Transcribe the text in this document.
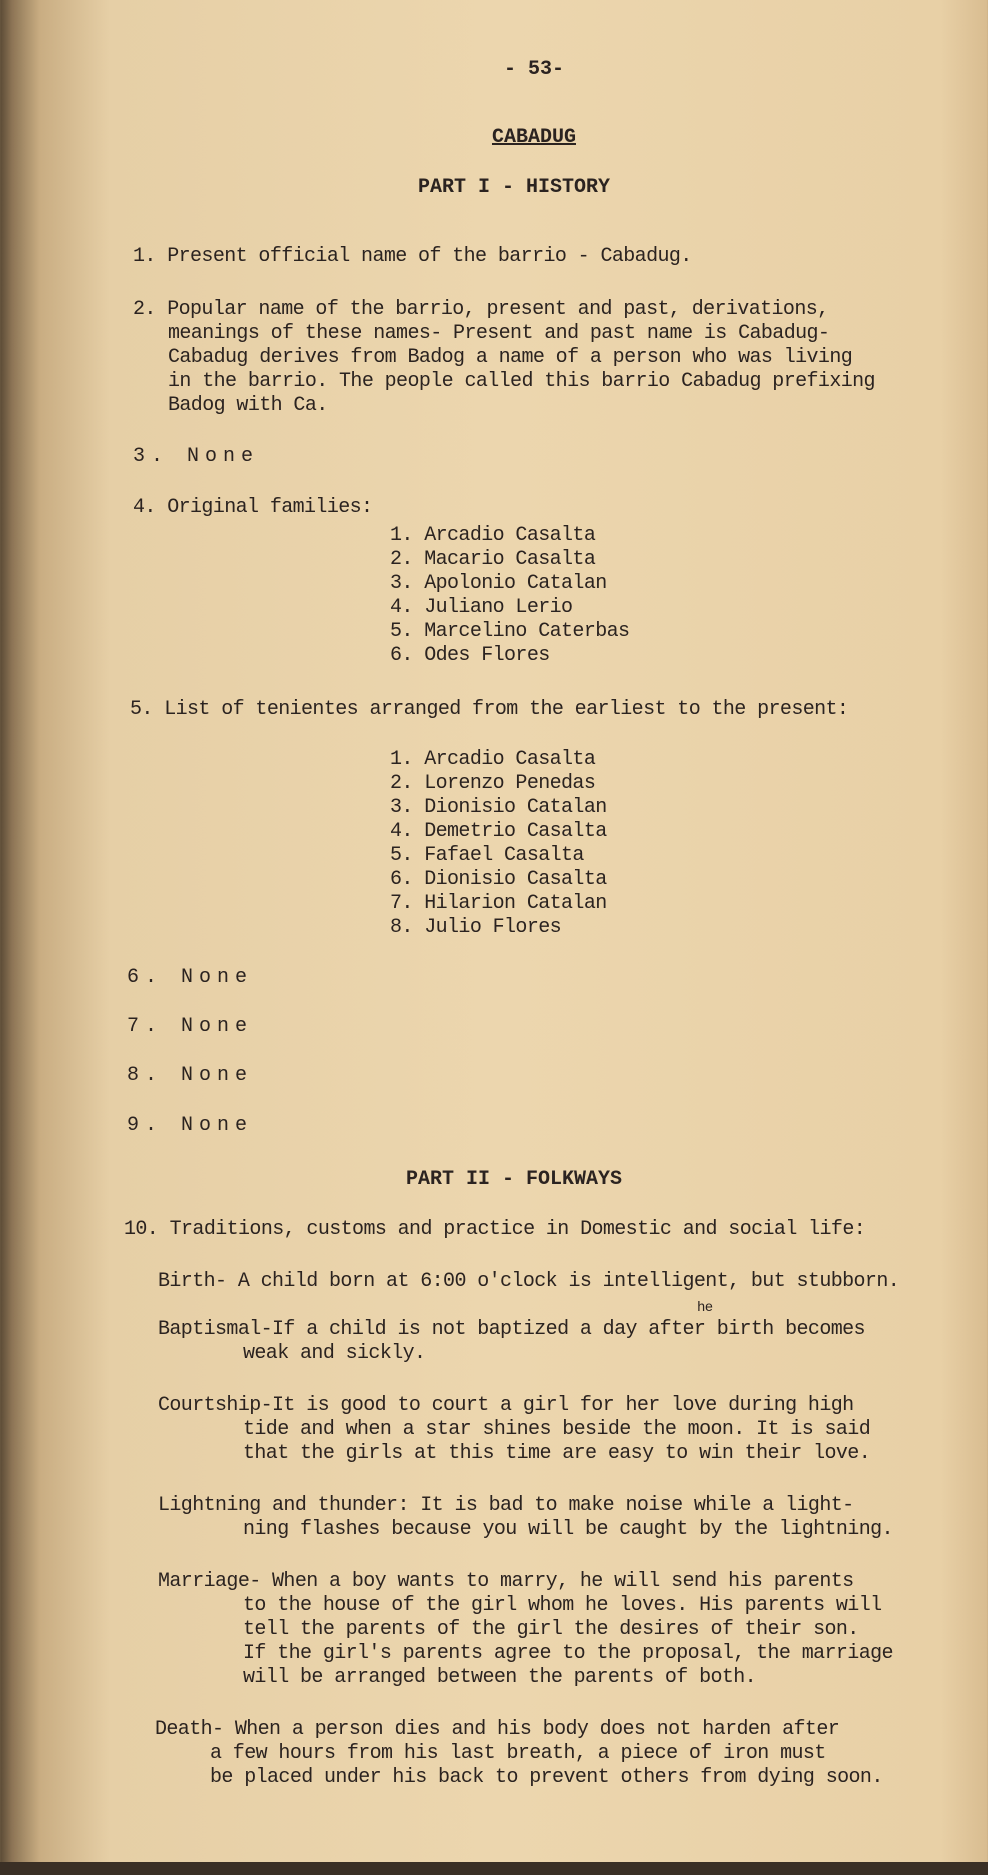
- 53-
CABADUG
PART I - HISTORY
1. Present official name of the barrio - Cabadug.
2. Popular name of the barrio, present and past, derivations,
meanings of these names- Present and past name is Cabadug-
Cabadug derives from Badog a name of a person who was living
in the barrio. The people called this barrio Cabadug prefixing
Badog with Ca.
3. None
4. Original families:
1. Arcadio Casalta
2. Macario Casalta
3. Apolonio Catalan
4. Juliano Lerio
5. Marcelino Caterbas
6. Odes Flores
5. List of tenientes arranged from the earliest to the present:
1. Arcadio Casalta
2. Lorenzo Penedas
3. Dionisio Catalan
4. Demetrio Casalta
5. Fafael Casalta
6. Dionisio Casalta
7. Hilarion Catalan
8. Julio Flores
6. None
7. None
8. None
9. None
PART II - FOLKWAYS
10. Traditions, customs and practice in Domestic and social life:
Birth- A child born at 6:00 o'clock is intelligent, but stubborn.
he
Baptismal-If a child is not baptized a day after birth becomes
weak and sickly.
Courtship-It is good to court a girl for her love during high
tide and when a star shines beside the moon. It is said
that the girls at this time are easy to win their love.
Lightning and thunder: It is bad to make noise while a light-
ning flashes because you will be caught by the lightning.
Marriage- When a boy wants to marry, he will send his parents
to the house of the girl whom he loves. His parents will
tell the parents of the girl the desires of their son.
If the girl's parents agree to the proposal, the marriage
will be arranged between the parents of both.
Death- When a person dies and his body does not harden after
a few hours from his last breath, a piece of iron must
be placed under his back to prevent others from dying soon.
